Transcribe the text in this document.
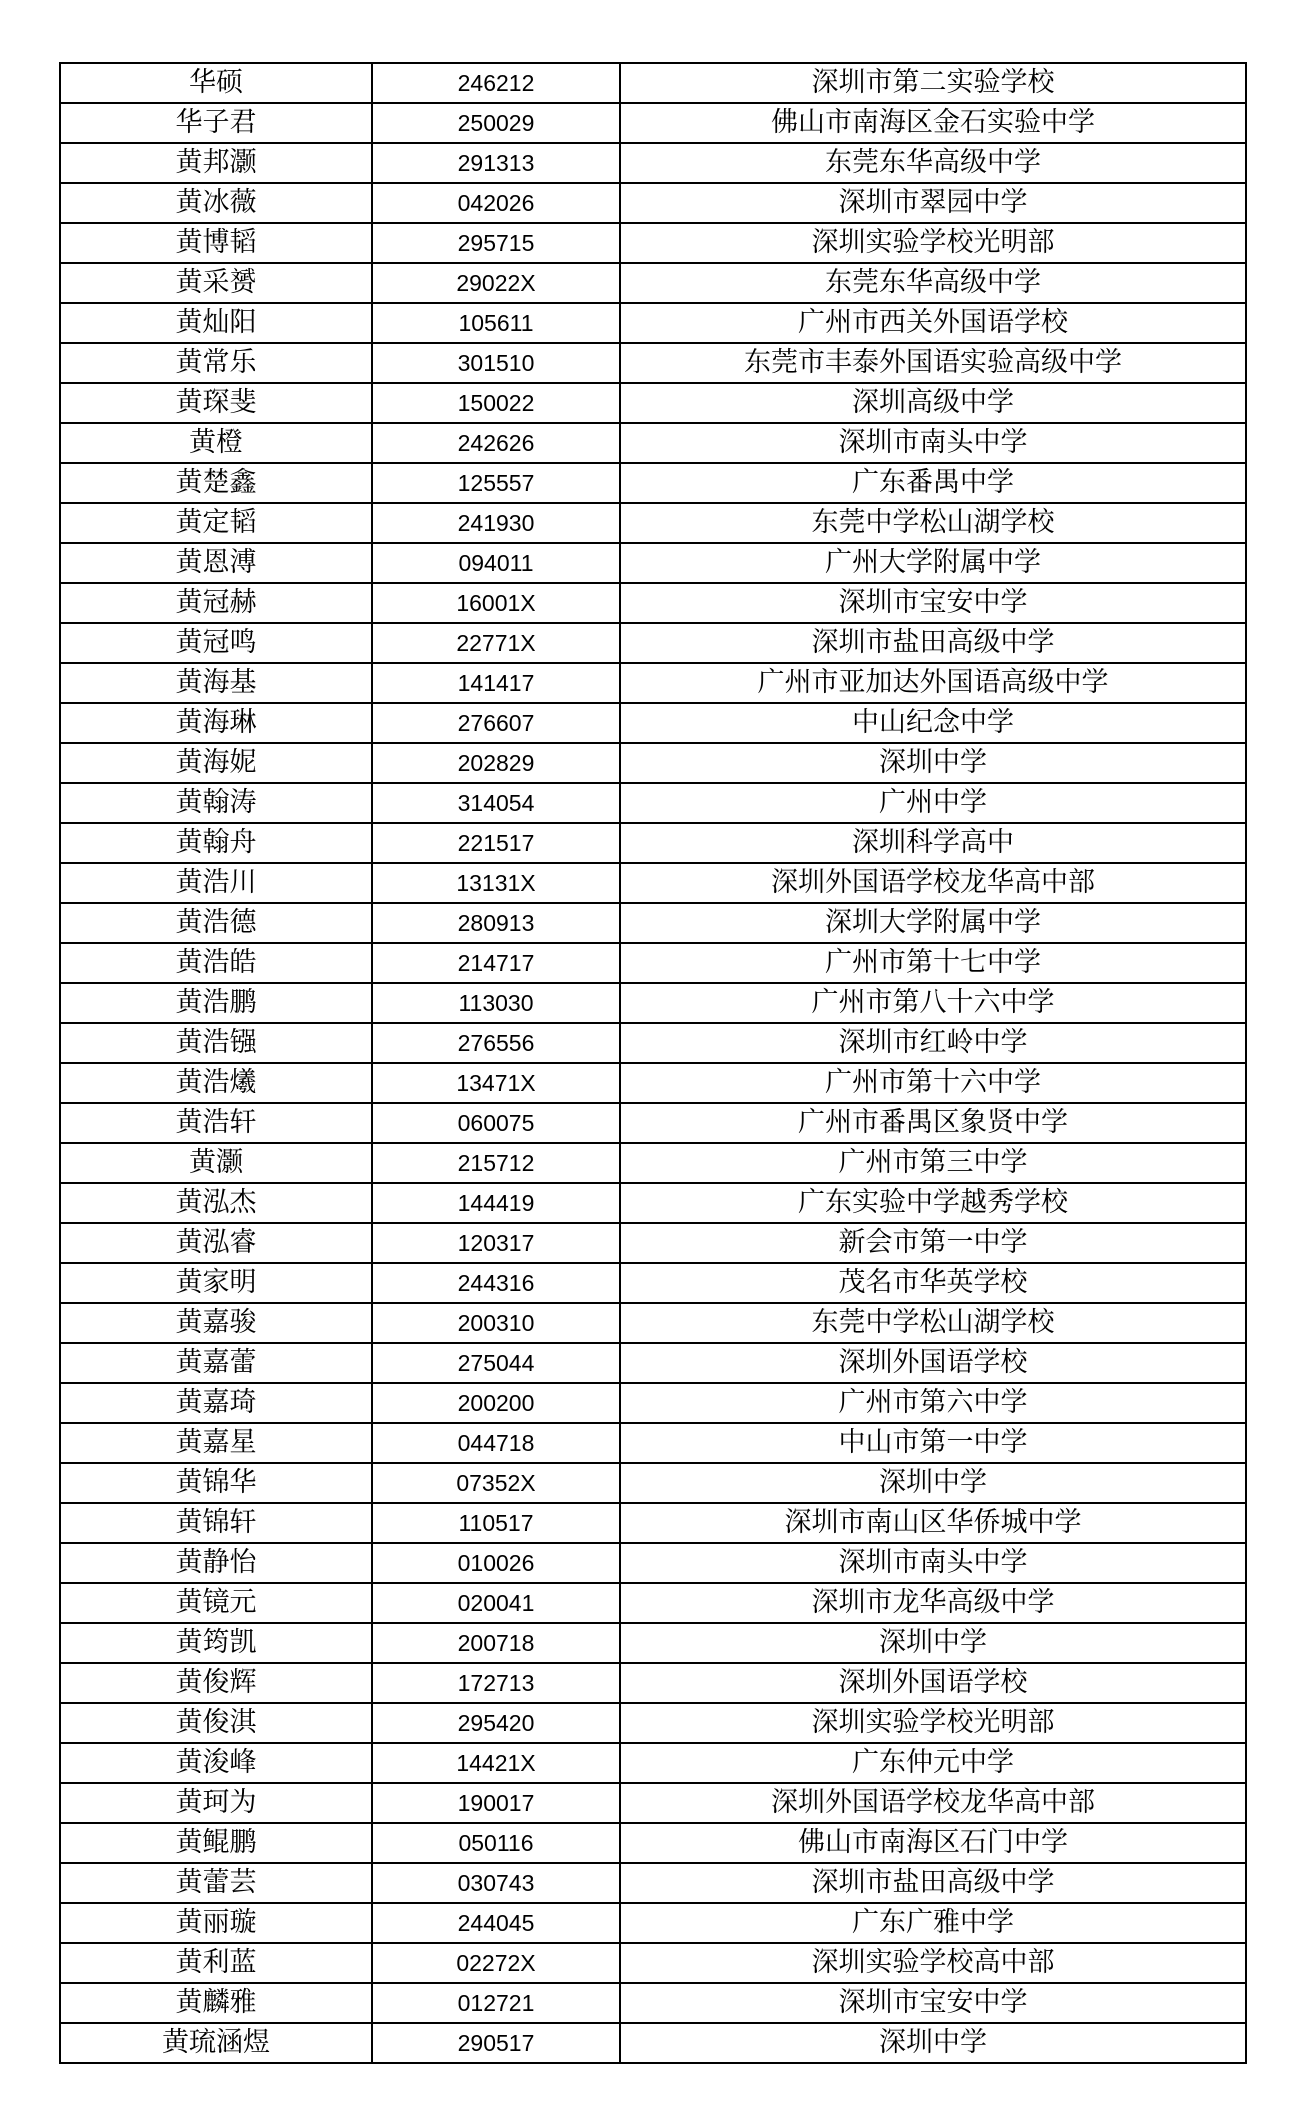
华硕	246212	深圳市第二实验学校
华子君	250029	佛山市南海区金石实验中学
黄邦灏	291313	东莞东华高级中学
黄冰薇	042026	深圳市翠园中学
黄博韬	295715	深圳实验学校光明部
黄采赟	29022X	东莞东华高级中学
黄灿阳	105611	广州市西关外国语学校
黄常乐	301510	东莞市丰泰外国语实验高级中学
黄琛斐	150022	深圳高级中学
黄橙	242626	深圳市南头中学
黄楚鑫	125557	广东番禺中学
黄定韬	241930	东莞中学松山湖学校
黄恩溥	094011	广州大学附属中学
黄冠赫	16001X	深圳市宝安中学
黄冠鸣	22771X	深圳市盐田高级中学
黄海基	141417	广州市亚加达外国语高级中学
黄海琳	276607	中山纪念中学
黄海妮	202829	深圳中学
黄翰涛	314054	广州中学
黄翰舟	221517	深圳科学高中
黄浩川	13131X	深圳外国语学校龙华高中部
黄浩德	280913	深圳大学附属中学
黄浩皓	214717	广州市第十七中学
黄浩鹏	113030	广州市第八十六中学
黄浩镪	276556	深圳市红岭中学
黄浩爔	13471X	广州市第十六中学
黄浩轩	060075	广州市番禺区象贤中学
黄灏	215712	广州市第三中学
黄泓杰	144419	广东实验中学越秀学校
黄泓睿	120317	新会市第一中学
黄家明	244316	茂名市华英学校
黄嘉骏	200310	东莞中学松山湖学校
黄嘉蕾	275044	深圳外国语学校
黄嘉琦	200200	广州市第六中学
黄嘉星	044718	中山市第一中学
黄锦华	07352X	深圳中学
黄锦轩	110517	深圳市南山区华侨城中学
黄静怡	010026	深圳市南头中学
黄镜元	020041	深圳市龙华高级中学
黄筠凯	200718	深圳中学
黄俊辉	172713	深圳外国语学校
黄俊淇	295420	深圳实验学校光明部
黄浚峰	14421X	广东仲元中学
黄珂为	190017	深圳外国语学校龙华高中部
黄鲲鹏	050116	佛山市南海区石门中学
黄蕾芸	030743	深圳市盐田高级中学
黄丽璇	244045	广东广雅中学
黄利蓝	02272X	深圳实验学校高中部
黄麟雅	012721	深圳市宝安中学
黄琉涵煜	290517	深圳中学
